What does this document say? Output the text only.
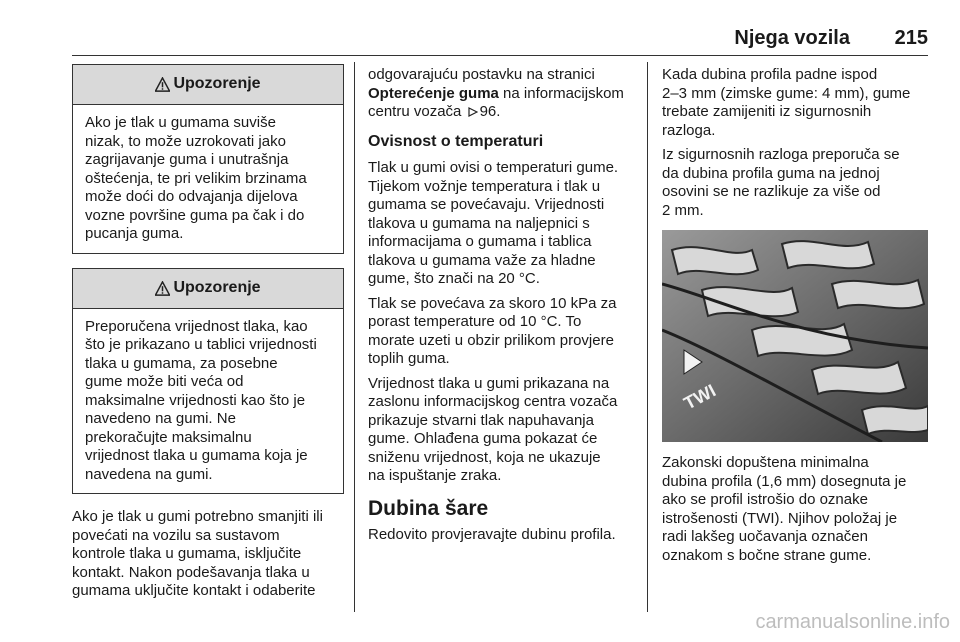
Njega vozila 215
Upozorenje
Ako je tlak u gumama suviše
nizak, to može uzrokovati jako
zagrijavanje guma i unutrašnja
oštećenja, te pri velikim brzinama
može doći do odvajanja dijelova
vozne površine guma pa čak i do
pucanja guma.
Upozorenje
Preporučena vrijednost tlaka, kao
što je prikazano u tablici vrijednosti
tlaka u gumama, za posebne
gume može biti veća od
maksimalne vrijednosti kao što je
navedeno na gumi. Ne
prekoračujte maksimalnu
vrijednost tlaka u gumama koja je
navedena na gumi.
Ako je tlak u gumi potrebno smanjiti ili
povećati na vozilu sa sustavom
kontrole tlaka u gumama, isključite
kontakt. Nakon podešavanja tlaka u
gumama uključite kontakt i odaberite
odgovarajuću postavku na stranici
Opterećenje guma na informacijskom
centru vozača 96.
Ovisnost o temperaturi
Tlak u gumi ovisi o temperaturi gume.
Tijekom vožnje temperatura i tlak u
gumama se povećavaju. Vrijednosti
tlakova u gumama na naljepnici s
informacijama o gumama i tablica
tlakova u gumama važe za hladne
gume, što znači na 20 °C.
Tlak se povećava za skoro 10 kPa za
porast temperature od 10 °C. To
morate uzeti u obzir prilikom provjere
toplih guma.
Vrijednost tlaka u gumi prikazana na
zaslonu informacijskog centra vozača
prikazuje stvarni tlak napuhavanja
gume. Ohlađena guma pokazat će
sniženu vrijednost, koja ne ukazuje
na ispuštanje zraka.
Dubina šare
Redovito provjeravajte dubinu profila.
Kada dubina profila padne ispod
2–3 mm (zimske gume: 4 mm), gume
trebate zamijeniti iz sigurnosnih
razloga.
Iz sigurnosnih razloga preporuča se
da dubina profila guma na jednoj
osovini se ne razlikuje za više od
2 mm.
TWI
Zakonski dopuštena minimalna
dubina profila (1,6 mm) dosegnuta je
ako se profil istrošio do oznake
istrošenosti (TWI). Njihov položaj je
radi lakšeg uočavanja označen
oznakom s bočne strane gume.
carmanualsonline.info
